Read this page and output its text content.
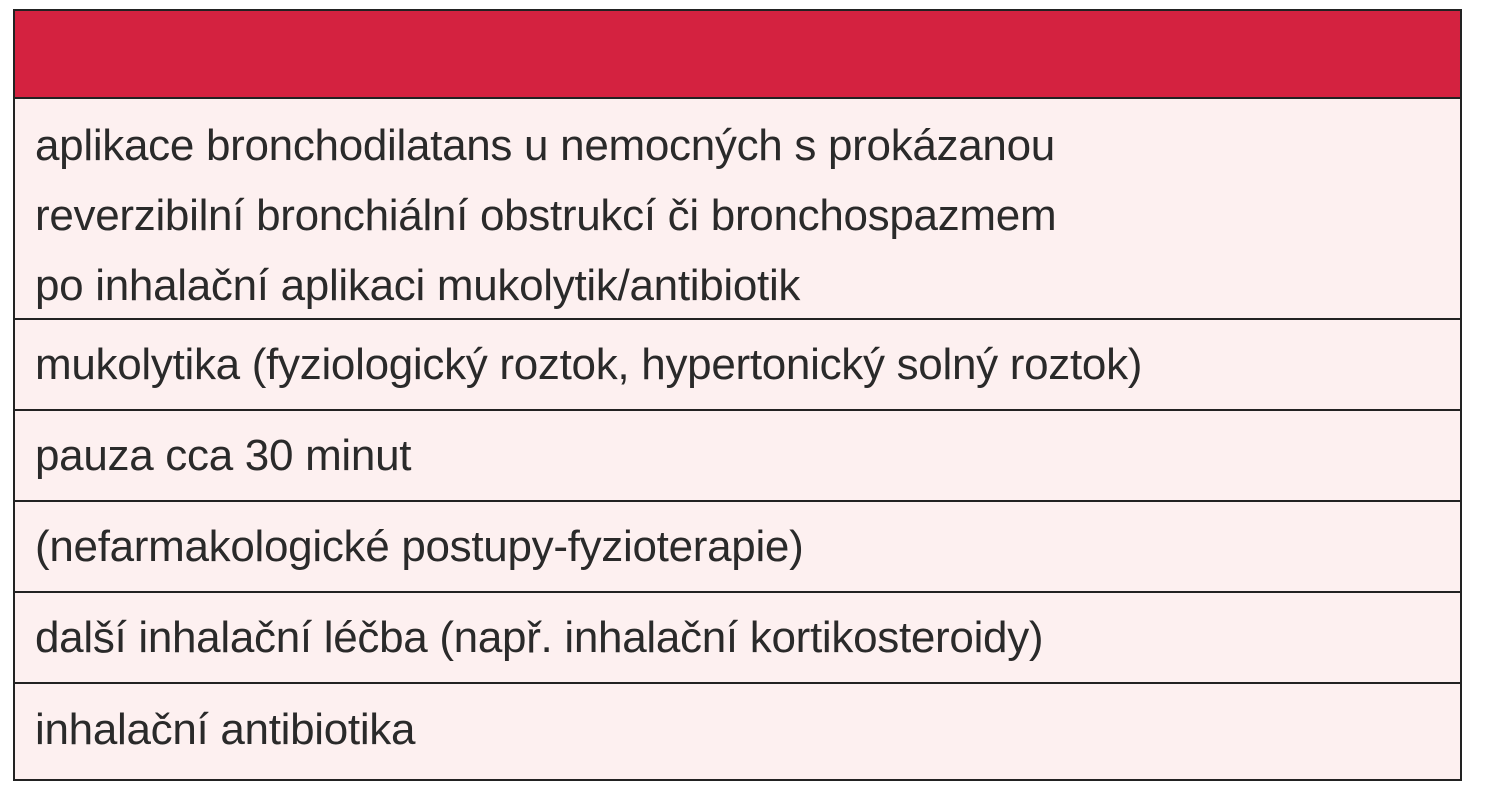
aplikace bronchodilatans u nemocných s prokázanou
reverzibilní bronchiální obstrukcí či bronchospazmem
po inhalační aplikaci mukolytik/antibiotik
mukolytika (fyziologický roztok, hypertonický solný roztok)
pauza cca 30 minut
(nefarmakologické postupy-fyzioterapie)
další inhalační léčba (např. inhalační kortikosteroidy)
inhalační antibiotika
